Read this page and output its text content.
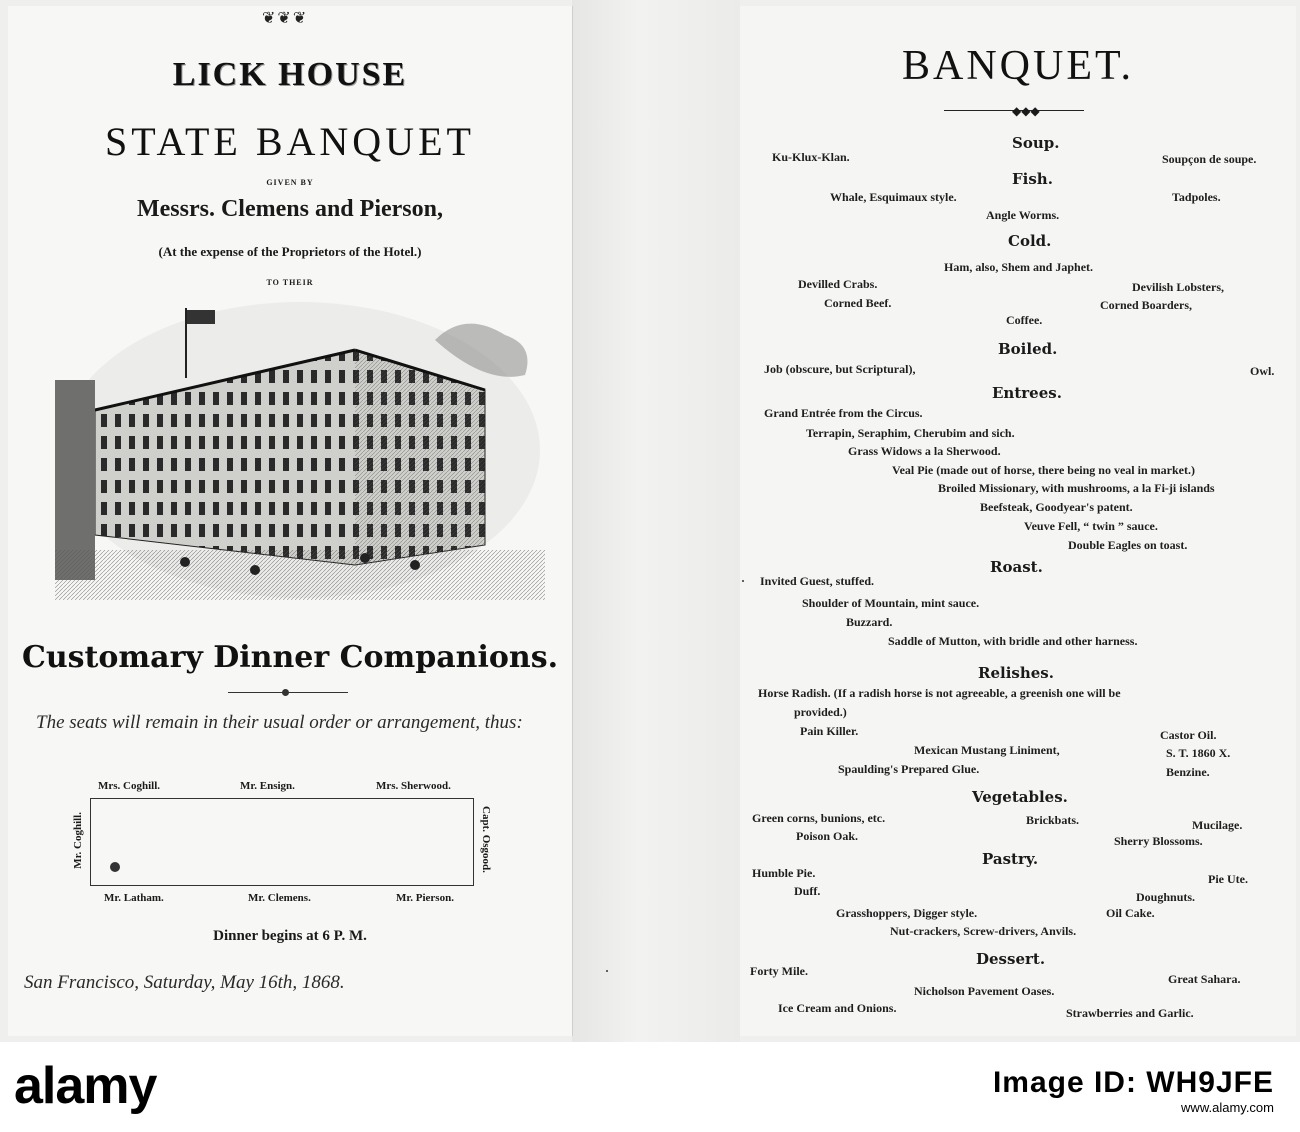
❦❦❦
LICK HOUSE
STATE BANQUET
GIVEN BY
Messrs. Clemens and Pierson,
(At the expense of the Proprietors of the Hotel.)
TO THEIR
Customary Dinner Companions.
The seats will remain in their usual order or arrangement, thus:
Mrs. Coghill.	Mr. Ensign.	Mrs. Sherwood.
Mr. Coghill.	Capt. Osgood.
Mr. Latham.	Mr. Clemens.	Mr. Pierson.
Dinner begins at 6 P. M.
San Francisco, Saturday, May 16th, 1868.
BANQUET.
◆◆◆
Soup.
Ku-Klux-Klan.	Soupçon de soupe.
Fish.
Whale, Esquimaux style.	Tadpoles.
Angle Worms.
Cold.
Ham, also, Shem and Japhet.
Devilled Crabs.	Devilish Lobsters,
Corned Beef.	Corned Boarders,
Coffee.
Boiled.
Job (obscure, but Scriptural),	Owl.
Entrees.
Grand Entrée from the Circus.
Terrapin, Seraphim, Cherubim and sich.
Grass Widows a la Sherwood.
Veal Pie (made out of horse, there being no veal in market.)
Broiled Missionary, with mushrooms, a la Fi-ji islands
Beefsteak, Goodyear's patent.
Veuve Fell, “ twin ” sauce.
Double Eagles on toast.
Roast.
Invited Guest, stuffed.
Shoulder of Mountain, mint sauce.
Buzzard.
Saddle of Mutton, with bridle and other harness.
Relishes.
Horse Radish. (If a radish horse is not agreeable, a greenish one will be
provided.)
Pain Killer.	Castor Oil.
Mexican Mustang Liniment,	S. T. 1860 X.
Spaulding's Prepared Glue.	Benzine.
Vegetables.
Green corns, bunions, etc.	Brickbats.	Mucilage.
Poison Oak.	Sherry Blossoms.
Pastry.
Humble Pie.	Pie Ute.
Duff.	Doughnuts.
Grasshoppers, Digger style.	Oil Cake.
Nut-crackers, Screw-drivers, Anvils.
Dessert.
Forty Mile.
Great Sahara.
Nicholson Pavement Oases.
Ice Cream and Onions.	Strawberries and Garlic.
alamy	Image ID: WH9JFE
www.alamy.com
